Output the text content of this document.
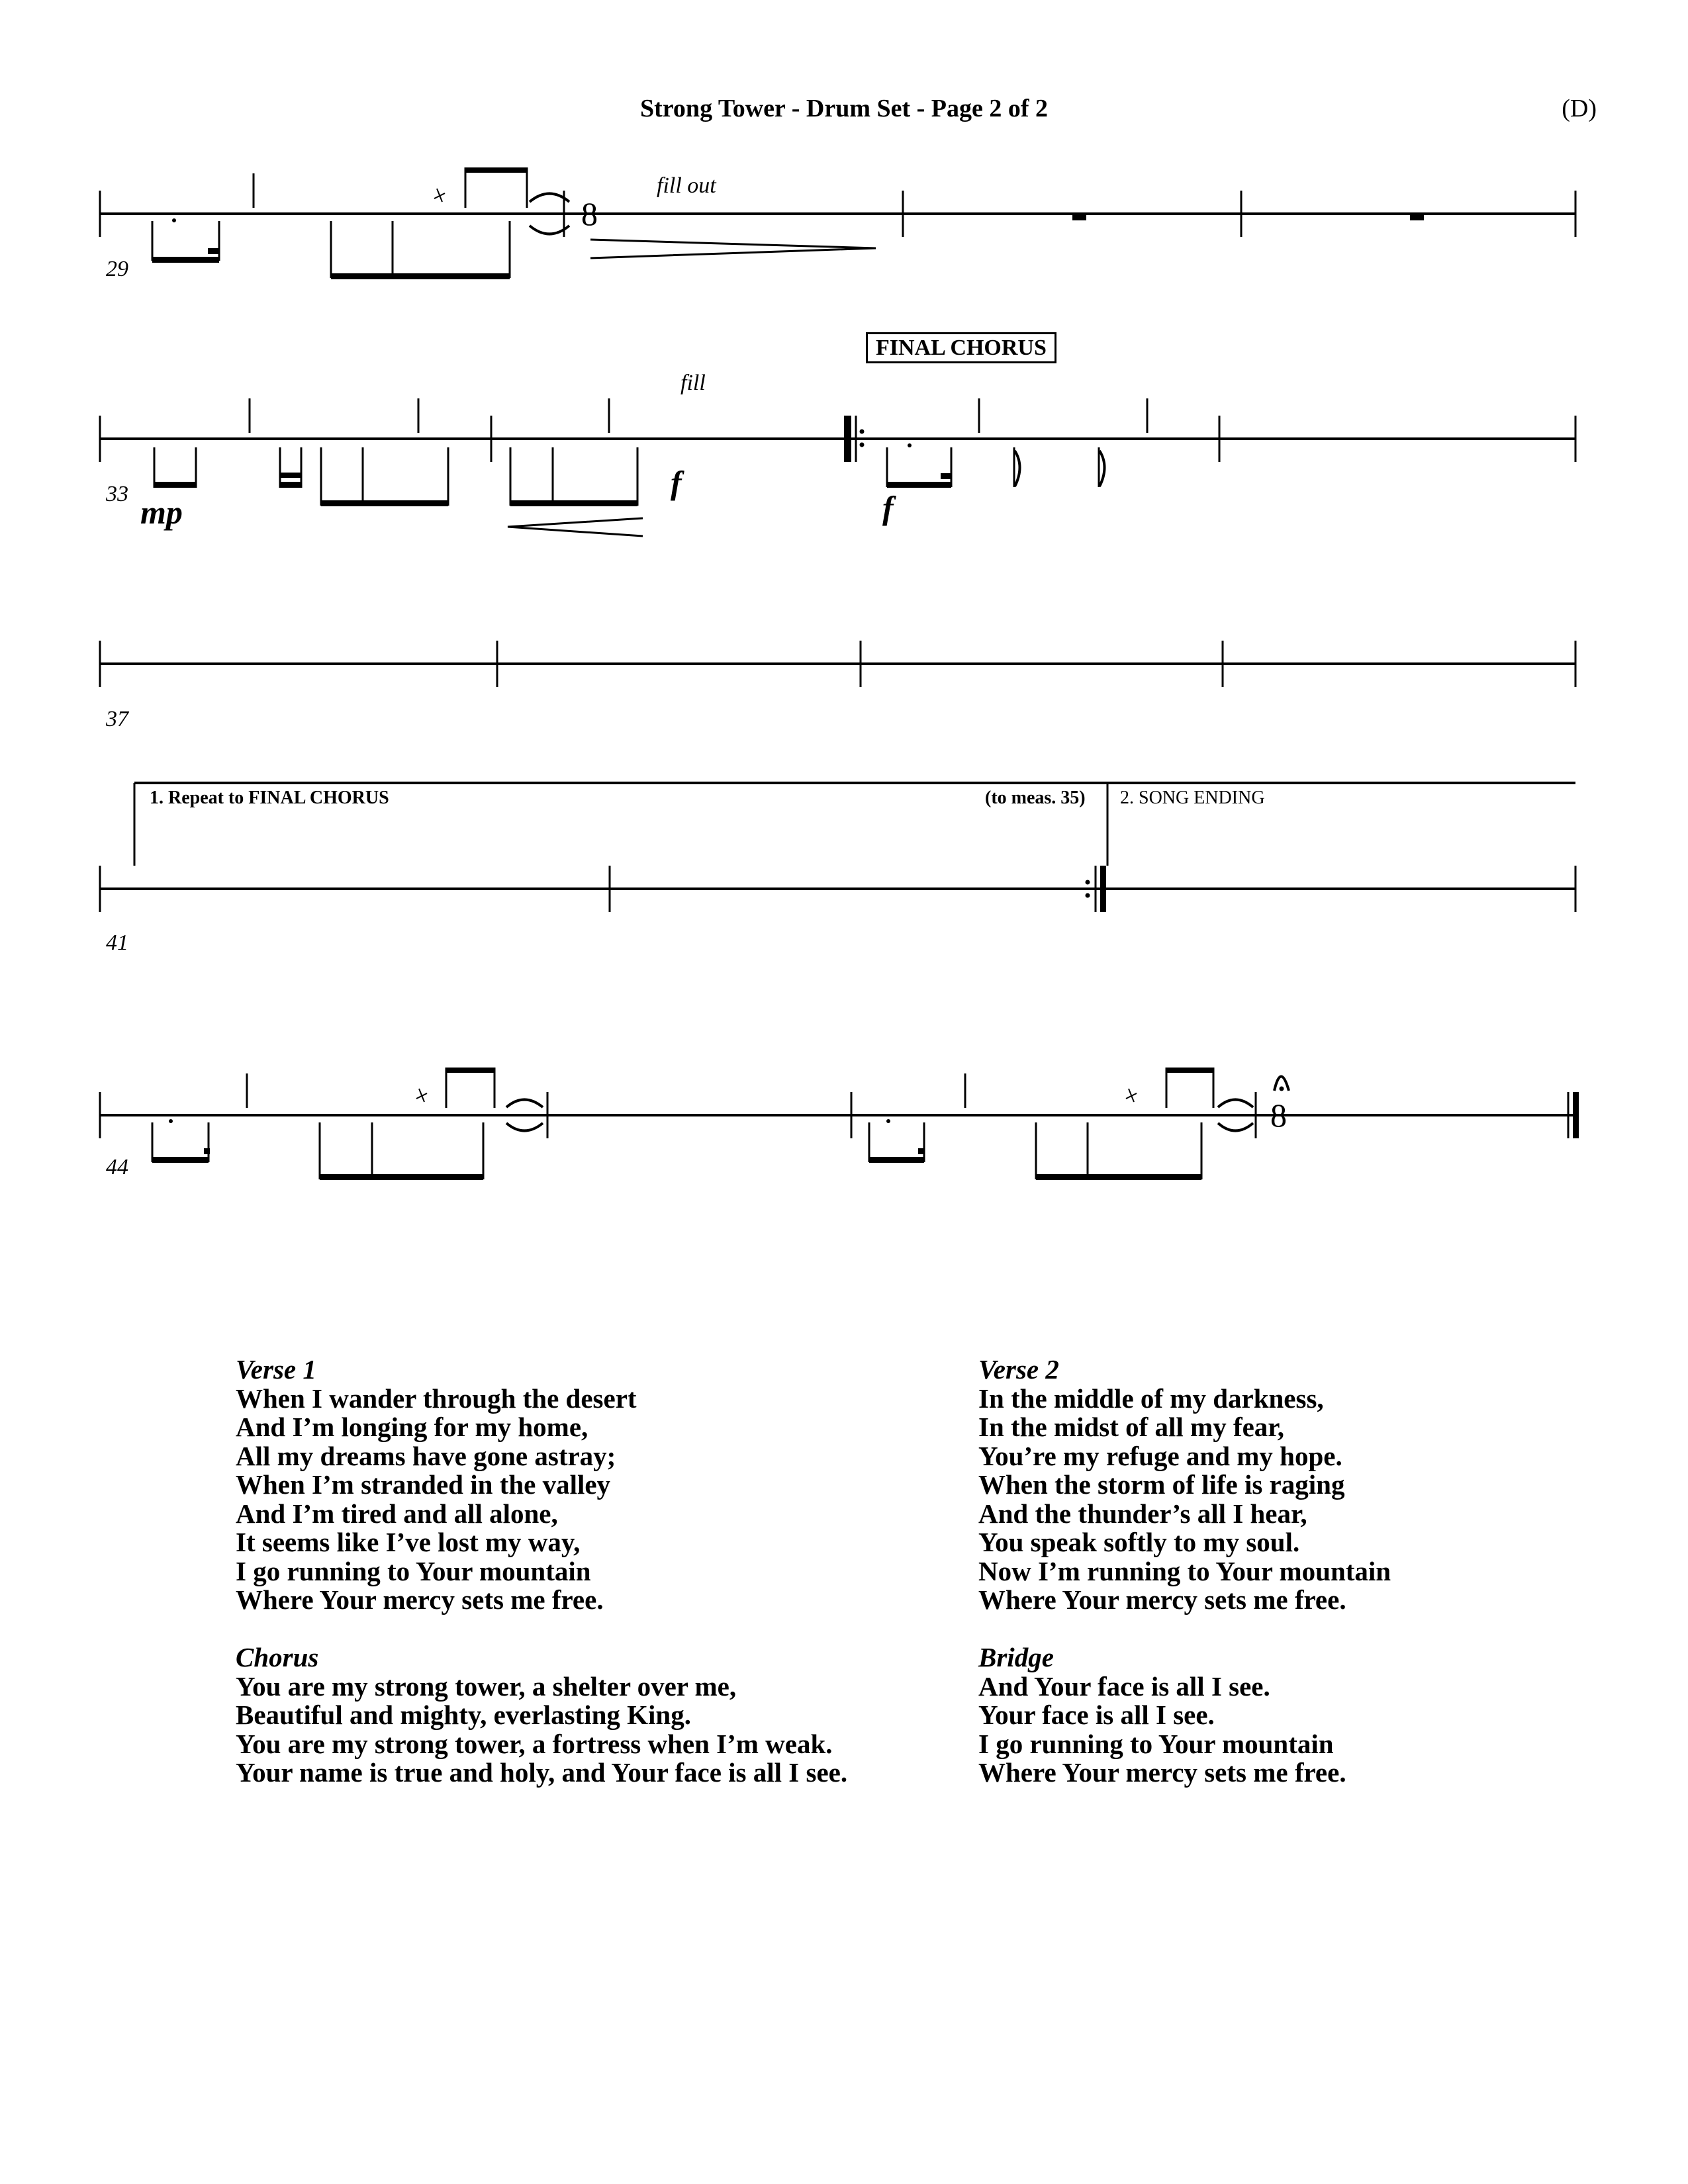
Strong Tower - Drum Set - Page 2 of 2	(D)
29
8
fill out
FINAL CHORUS
fill
33 mp
f
f
37
1. Repeat to FINAL CHORUS	(to meas. 35) 2. SONG ENDING
41
44
8
Verse 1
When I wander through the desert
And I’m longing for my home,
All my dreams have gone astray;
When I’m stranded in the valley
And I’m tired and all alone,
It seems like I’ve lost my way,
I go running to Your mountain
Where Your mercy sets me free.
Chorus
You are my strong tower, a shelter over me,
Beautiful and mighty, everlasting King.
You are my strong tower, a fortress when I’m weak.
Your name is true and holy, and Your face is all I see.
Verse 2
In the middle of my darkness,
In the midst of all my fear,
You’re my refuge and my hope.
When the storm of life is raging
And the thunder’s all I hear,
You speak softly to my soul.
Now I’m running to Your mountain
Where Your mercy sets me free.
Bridge
And Your face is all I see.
Your face is all I see.
I go running to Your mountain
Where Your mercy sets me free.
